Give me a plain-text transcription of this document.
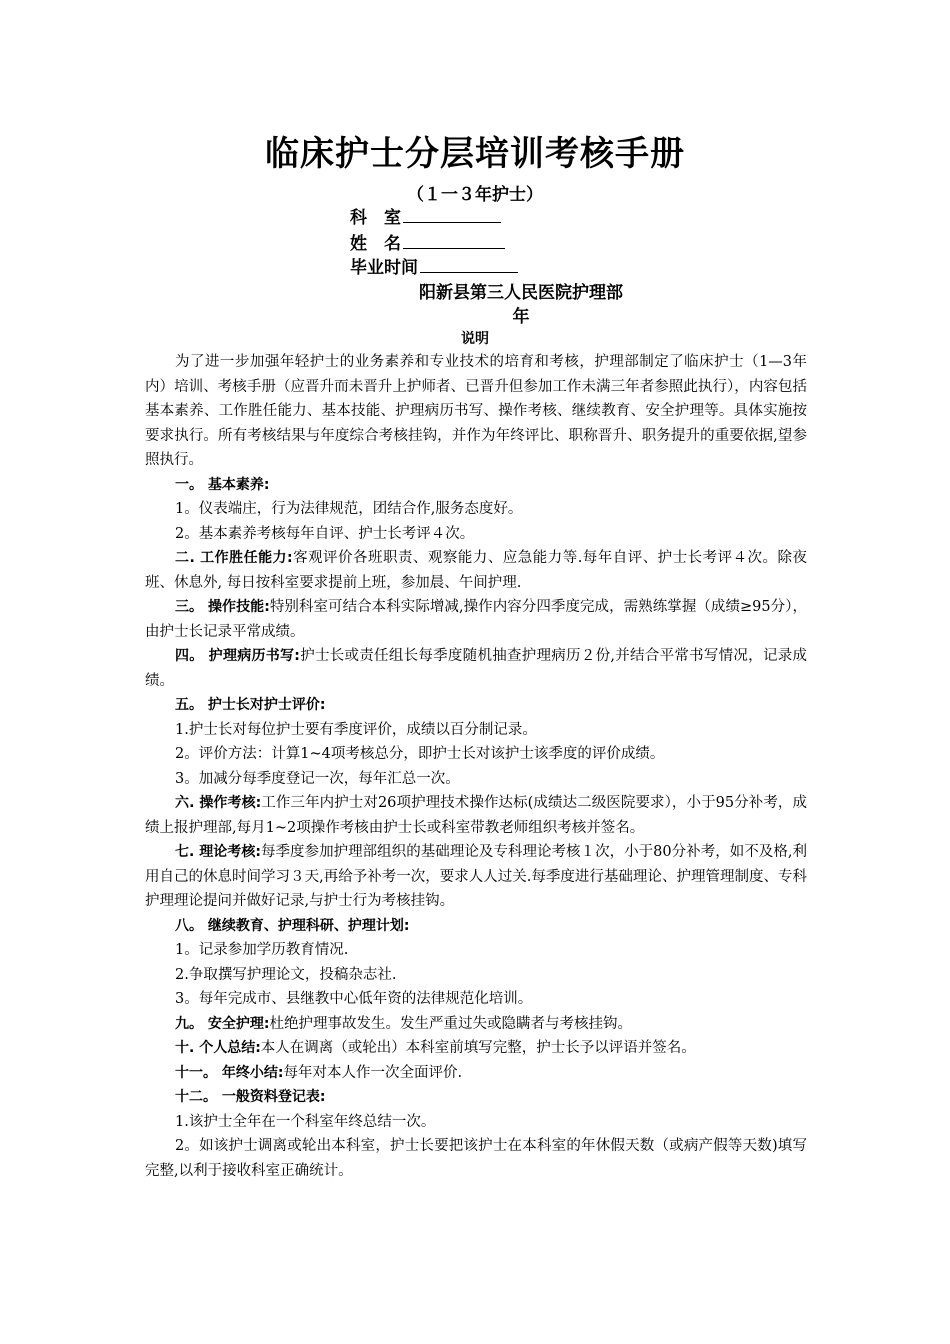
临床护士分层培训考核手册
（１一３年护士）
科　室
姓　名
毕业时间
阳新县第三人民医院护理部
年
说明

为了进一步加强年轻护士的业务素养和专业技术的培育和考核，护理部制定了临床护士（1—3年内）培训、考核手册（应晋升而未晋升上护师者、已晋升但参加工作未满三年者参照此执行），内容包括基本素养、工作胜任能力、基本技能、护理病历书写、操作考核、继续教育、安全护理等。具体实施按要求执行。所有考核结果与年度综合考核挂钩，并作为年终评比、职称晋升、职务提升的重要依据,望参照执行。

一。 基本素养:

1。仪表端庄，行为法律规范，团结合作,服务态度好。

2。基本素养考核每年自评、护士长考评４次。

二. 工作胜任能力:客观评价各班职责、观察能力、应急能力等.每年自评、护士长考评４次。除夜班、休息外, 每日按科室要求提前上班，参加晨、午间护理.

三。 操作技能:特别科室可结合本科实际增减,操作内容分四季度完成，需熟练掌握（成绩≥95分），由护士长记录平常成绩。

四。 护理病历书写:护士长或责任组长每季度随机抽查护理病历２份,并结合平常书写情况，记录成绩。

五。 护士长对护士评价:

1.护士长对每位护士要有季度评价，成绩以百分制记录。

2。评价方法：计算1~4项考核总分，即护士长对该护士该季度的评价成绩。

3。加减分每季度登记一次，每年汇总一次。

六. 操作考核:工作三年内护士对26项护理技术操作达标(成绩达二级医院要求），小于95分补考，成绩上报护理部,每月1~2项操作考核由护士长或科室带教老师组织考核并签名。

七. 理论考核:每季度参加护理部组织的基础理论及专科理论考核１次，小于80分补考，如不及格,利用自己的休息时间学习３天,再给予补考一次，要求人人过关.每季度进行基础理论、护理管理制度、专科护理理论提问并做好记录,与护士行为考核挂钩。

八。 继续教育、护理科研、护理计划:

1。记录参加学历教育情况.

2.争取撰写护理论文，投稿杂志社.

3。每年完成市、县继教中心低年资的法律规范化培训。

九。 安全护理:杜绝护理事故发生。发生严重过失或隐瞒者与考核挂钩。

十. 个人总结:本人在调离（或轮出）本科室前填写完整，护士长予以评语并签名。

十一。 年终小结:每年对本人作一次全面评价.

十二。 一般资料登记表:

1.该护士全年在一个科室年终总结一次。

2。如该护士调离或轮出本科室，护士长要把该护士在本科室的年休假天数（或病产假等天数)填写完整,以利于接收科室正确统计。
